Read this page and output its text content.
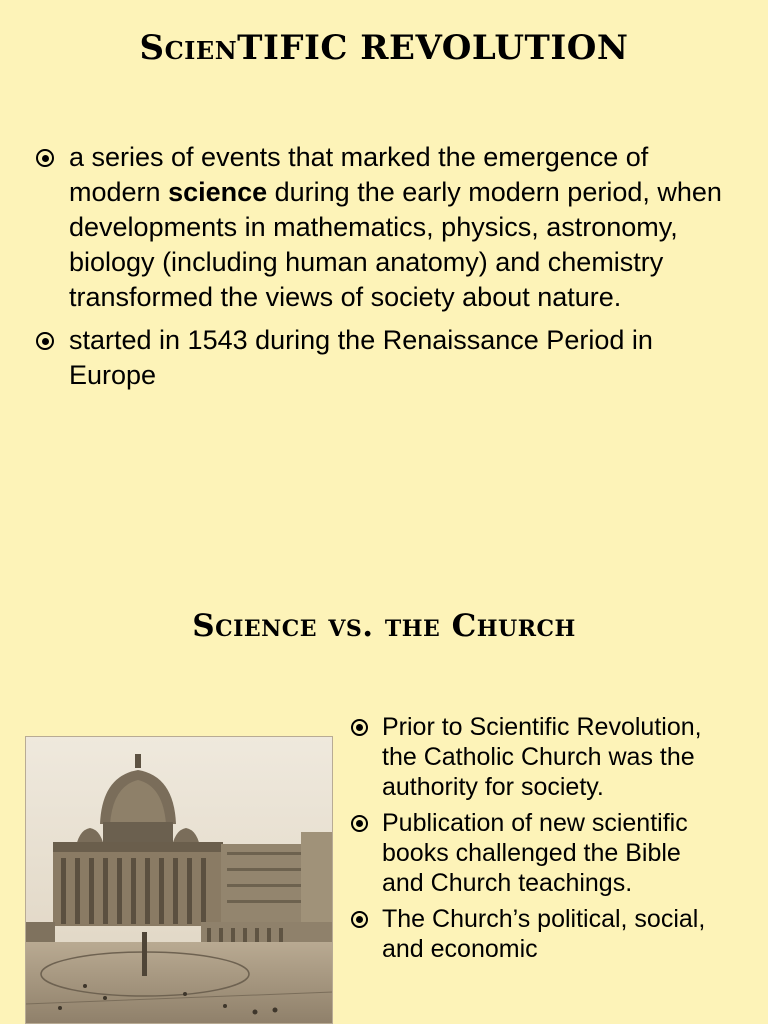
ScienTIFIC REVOLUTION
a series of events that marked the emergence of modern science during the early modern period, when developments in mathematics, physics, astronomy, biology (including human anatomy) and chemistry transformed the views of society about nature.
started in 1543 during the Renaissance Period in Europe
Science vs. the Church
Prior to Scientific Revolution, the Catholic Church was the authority for society.
Publication of new scientific books challenged the Bible and Church teachings.
The Church’s political, social, and economic
